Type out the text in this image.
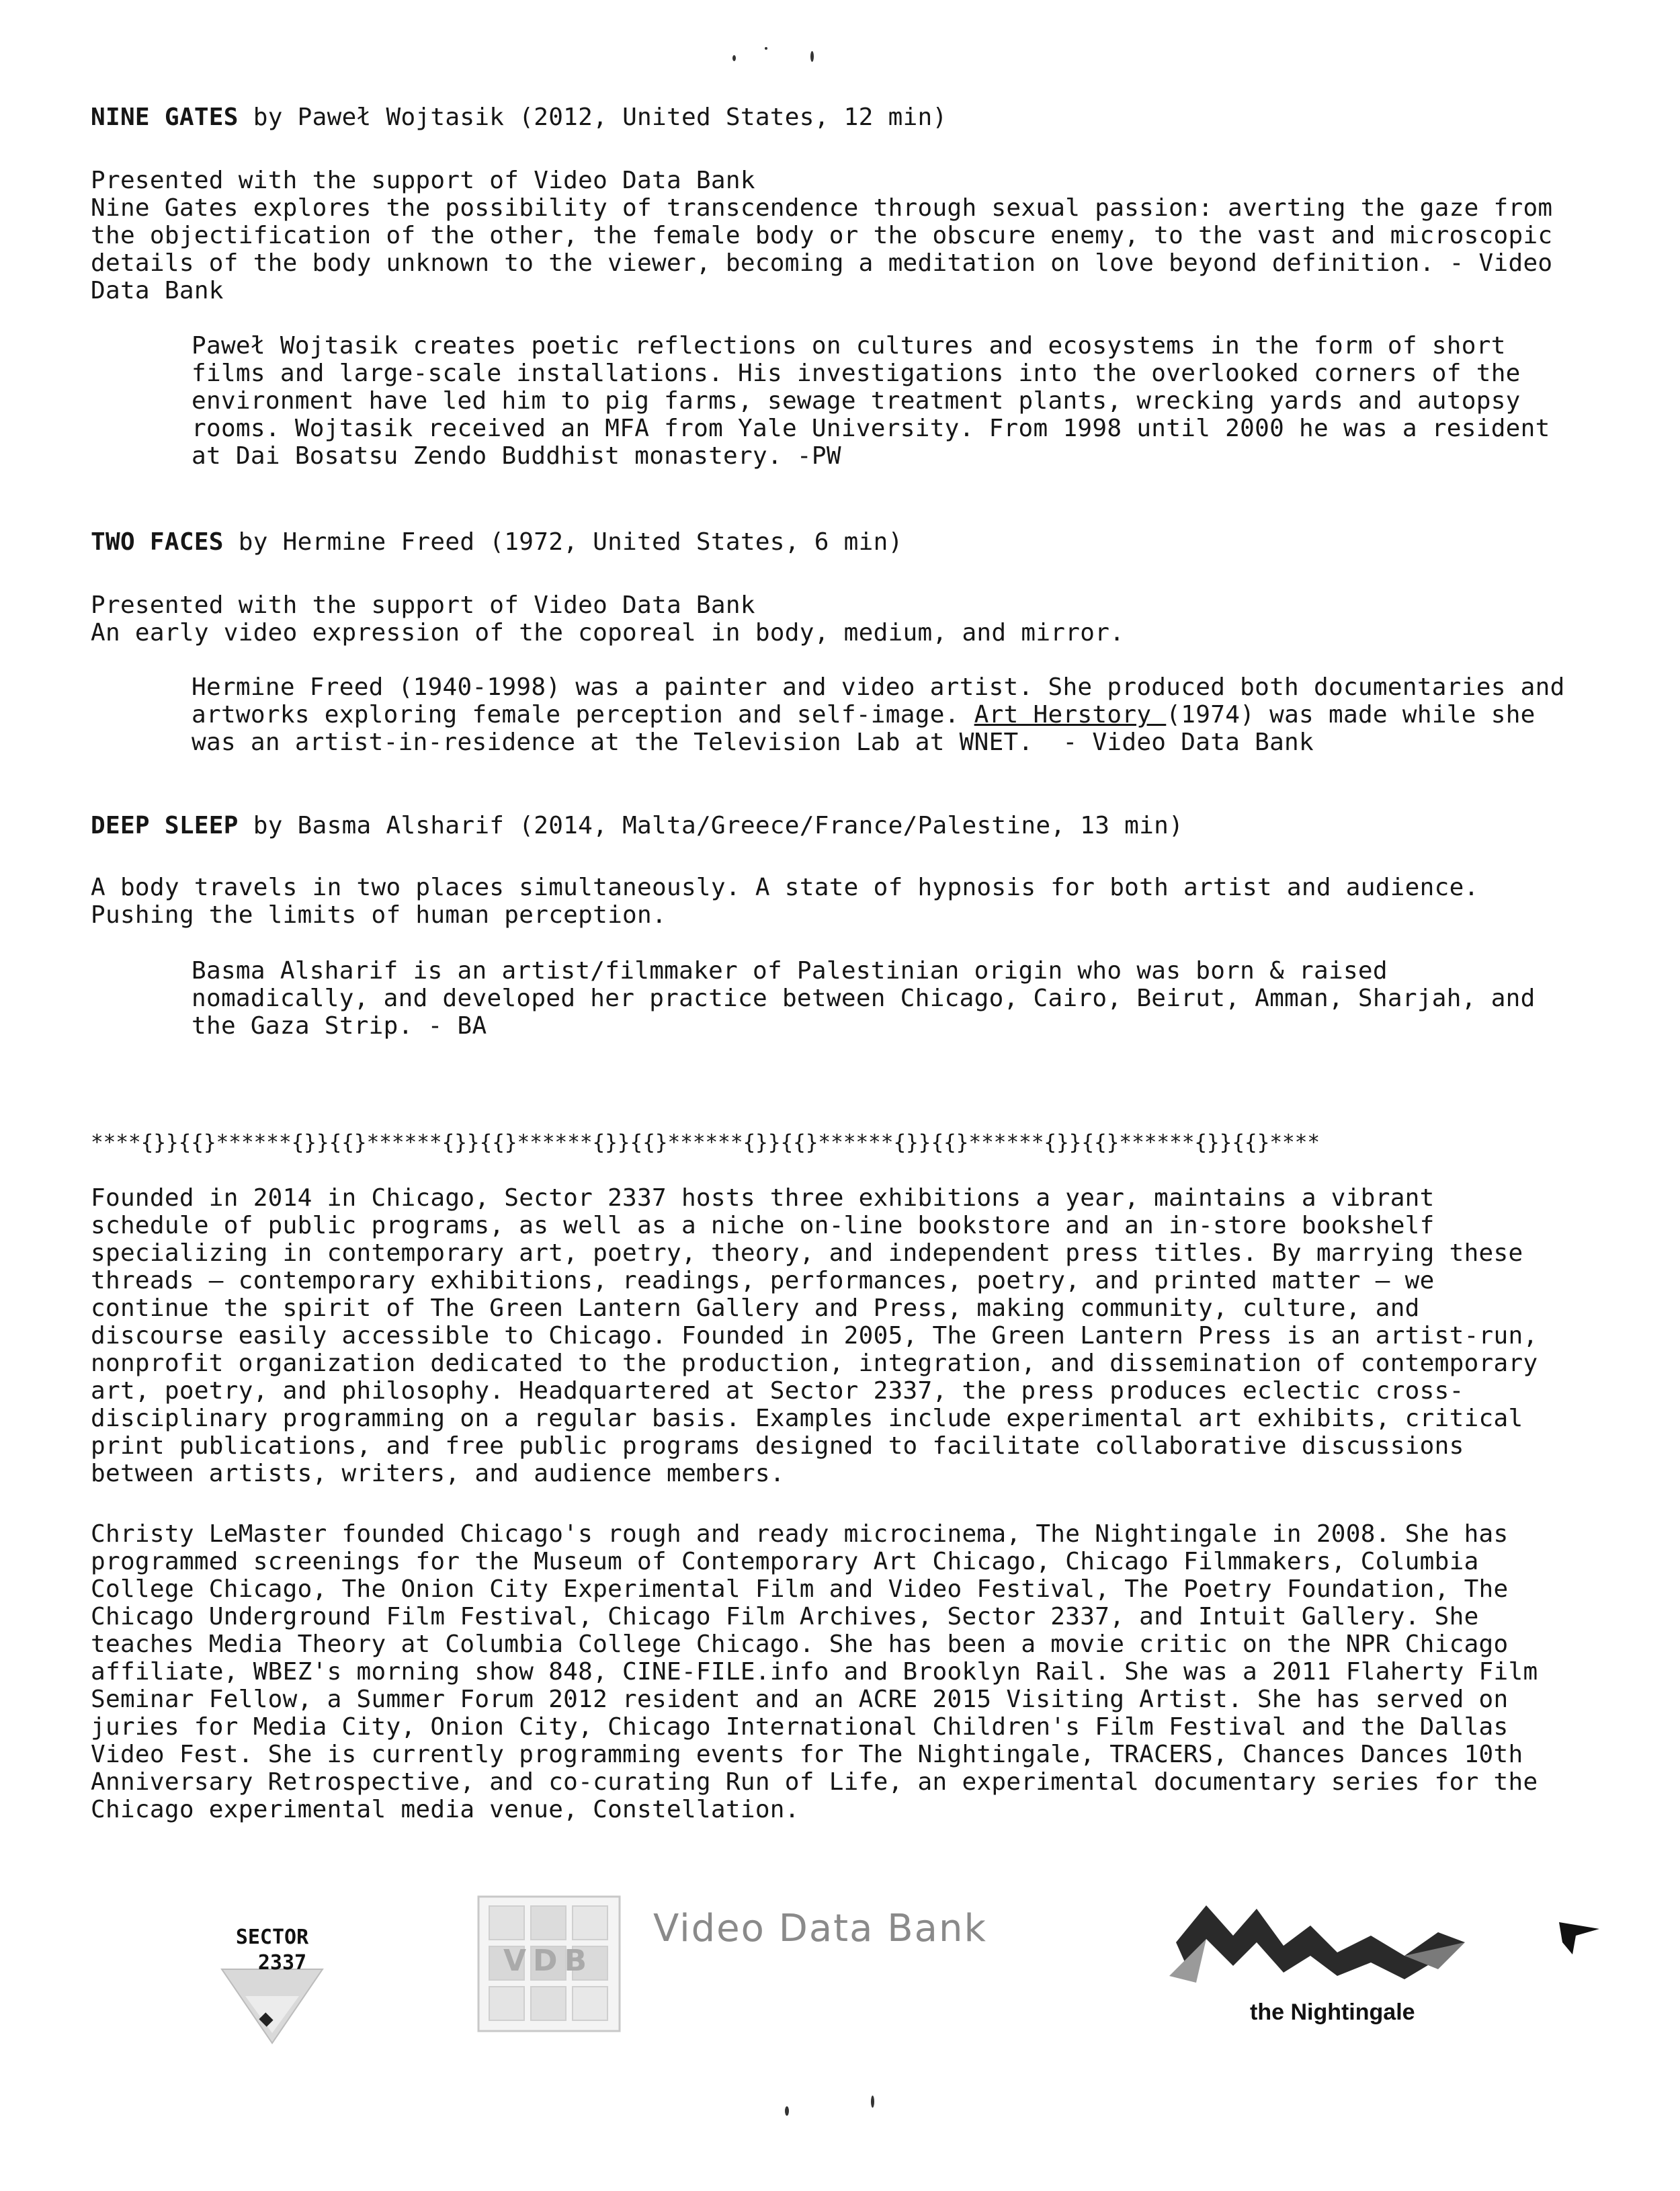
NINE GATES by Paweł Wojtasik (2012, United States, 12 min)
Presented with the support of Video Data Bank
Nine Gates explores the possibility of transcendence through sexual passion: averting the gaze from
the objectification of the other, the female body or the obscure enemy, to the vast and microscopic
details of the body unknown to the viewer, becoming a meditation on love beyond definition. - Video
Data Bank
Paweł Wojtasik creates poetic reflections on cultures and ecosystems in the form of short
films and large-scale installations. His investigations into the overlooked corners of the
environment have led him to pig farms, sewage treatment plants, wrecking yards and autopsy
rooms. Wojtasik received an MFA from Yale University. From 1998 until 2000 he was a resident
at Dai Bosatsu Zendo Buddhist monastery. -PW
TWO FACES by Hermine Freed (1972, United States, 6 min)
Presented with the support of Video Data Bank
An early video expression of the coporeal in body, medium, and mirror.
Hermine Freed (1940-1998) was a painter and video artist. She produced both documentaries and
artworks exploring female perception and self-image. Art Herstory (1974) was made while she
was an artist-in-residence at the Television Lab at WNET.  - Video Data Bank
DEEP SLEEP by Basma Alsharif (2014, Malta/Greece/France/Palestine, 13 min)
A body travels in two places simultaneously. A state of hypnosis for both artist and audience.
Pushing the limits of human perception.
Basma Alsharif is an artist/filmmaker of Palestinian origin who was born & raised
nomadically, and developed her practice between Chicago, Cairo, Beirut, Amman, Sharjah, and
the Gaza Strip. - BA
****{}}{{}******{}}{{}******{}}{{}******{}}{{}******{}}{{}******{}}{{}******{}}{{}******{}}{{}****
Founded in 2014 in Chicago, Sector 2337 hosts three exhibitions a year, maintains a vibrant
schedule of public programs, as well as a niche on-line bookstore and an in-store bookshelf
specializing in contemporary art, poetry, theory, and independent press titles. By marrying these
threads — contemporary exhibitions, readings, performances, poetry, and printed matter — we
continue the spirit of The Green Lantern Gallery and Press, making community, culture, and
discourse easily accessible to Chicago. Founded in 2005, The Green Lantern Press is an artist-run,
nonprofit organization dedicated to the production, integration, and dissemination of contemporary
art, poetry, and philosophy. Headquartered at Sector 2337, the press produces eclectic cross-
disciplinary programming on a regular basis. Examples include experimental art exhibits, critical
print publications, and free public programs designed to facilitate collaborative discussions
between artists, writers, and audience members.
Christy LeMaster founded Chicago's rough and ready microcinema, The Nightingale in 2008. She has
programmed screenings for the Museum of Contemporary Art Chicago, Chicago Filmmakers, Columbia
College Chicago, The Onion City Experimental Film and Video Festival, The Poetry Foundation, The
Chicago Underground Film Festival, Chicago Film Archives, Sector 2337, and Intuit Gallery. She
teaches Media Theory at Columbia College Chicago. She has been a movie critic on the NPR Chicago
affiliate, WBEZ's morning show 848, CINE-FILE.info and Brooklyn Rail. She was a 2011 Flaherty Film
Seminar Fellow, a Summer Forum 2012 resident and an ACRE 2015 Visiting Artist. She has served on
juries for Media City, Onion City, Chicago International Children's Film Festival and the Dallas
Video Fest. She is currently programming events for The Nightingale, TRACERS, Chances Dances 10th
Anniversary Retrospective, and co-curating Run of Life, an experimental documentary series for the
Chicago experimental media venue, Constellation.
SECTOR
2337	VDB
Video Data Bank
the Nightingale
